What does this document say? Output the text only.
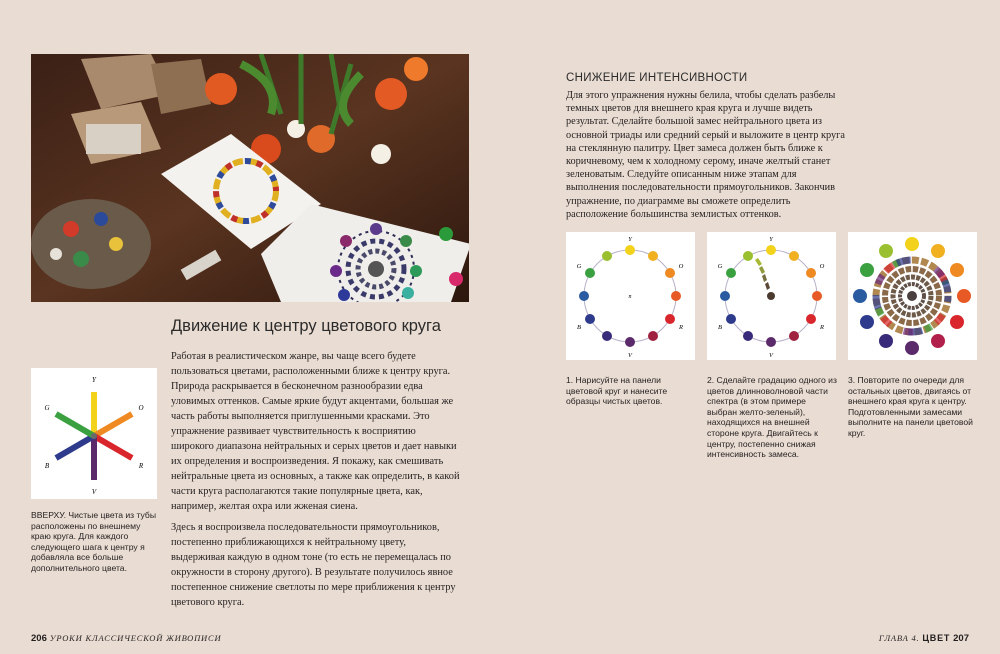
Движение к центру цветового круга

Работая в реалистическом жанре, вы чаще всего будете пользоваться цветами, расположенными ближе к центру круга. Природа раскрывается в бесконечном разнообразии едва уловимых оттенков. Самые яркие будут акцентами, большая же часть работы выполняется приглушенными красками. Это упражнение развивает чувствительность к восприятию широкого диапазона нейтральных и серых цветов и дает навыки их определения и воспроизведения. Я покажу, как смешивать нейтральные цвета из основных, а также как определить, в какой части круга располагаются такие популярные цвета, как, например, желтая охра или жженая сиена.

Здесь я воспроизвела последовательности прямоугольников, постепенно приближающихся к нейтральному цвету, выдерживая каждую в одном тоне (то есть не перемещалась по окружности в сторону другого). В результате получилось явное постепенное снижение светлоты по мере приближения к центру цветового круга.

Y
O
R
V
B
G
ВВЕРХУ. Чистые цвета из тубы расположены по внешнему краю круга. Для каждого следующего шага к центру я добавляла все больше дополнительного цвета.
СНИЖЕНИЕ ИНТЕНСИВНОСТИ
Для этого упражнения нужны белила, чтобы сделать разбелы темных цветов для внешнего края круга и лучше видеть результат. Сделайте большой замес нейтрального цвета из основной триады или средний серый и выложите в центр круга на стеклянную палитру. Цвет замеса должен быть ближе к коричневому, чем к холодному серому, иначе желтый станет зеленоватым. Следуйте описанным ниже этапам для выполнения последовательности прямоугольников. Закончив упражнение, по диаграмме вы сможете определить расположение большинства землистых оттенков.
Y
O
R
V
B
G
n
Y
O
R
V
B
G
1. Нарисуйте на панели цветовой круг и нанесите образцы чистых цветов.
2. Сделайте градацию одного из цветов длинноволновой части спектра (в этом примере выбран желто-зеленый), находящихся на внешней стороне круга. Двигайтесь к центру, постепенно снижая интенсивность замеса.
3. Повторите по очереди для остальных цветов, двигаясь от внешнего края круга к центру. Подготовленными замесами выполните на панели цветовой круг.
206 УРОКИ КЛАССИЧЕСКОЙ ЖИВОПИСИ	ГЛАВА 4. ЦВЕТ 207
